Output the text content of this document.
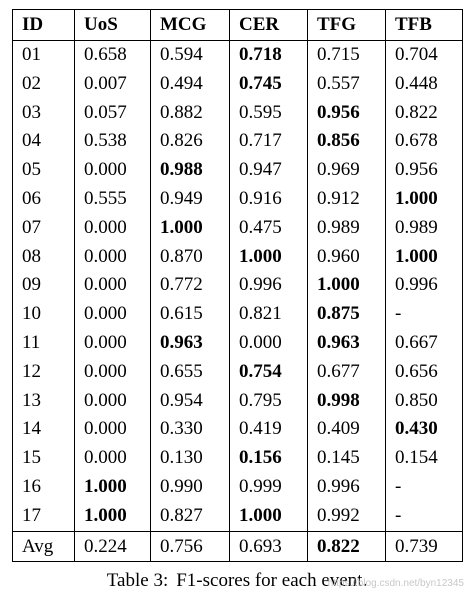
ID	UoS	MCG	CER	TFG	TFB
01	0.658	0.594	0.718	0.715	0.704
02	0.007	0.494	0.745	0.557	0.448
03	0.057	0.882	0.595	0.956	0.822
04	0.538	0.826	0.717	0.856	0.678
05	0.000	0.988	0.947	0.969	0.956
06	0.555	0.949	0.916	0.912	1.000
07	0.000	1.000	0.475	0.989	0.989
08	0.000	0.870	1.000	0.960	1.000
09	0.000	0.772	0.996	1.000	0.996
10	0.000	0.615	0.821	0.875	-
11	0.000	0.963	0.000	0.963	0.667
12	0.000	0.655	0.754	0.677	0.656
13	0.000	0.954	0.795	0.998	0.850
14	0.000	0.330	0.419	0.409	0.430
15	0.000	0.130	0.156	0.145	0.154
16	1.000	0.990	0.999	0.996	-
17	1.000	0.827	1.000	0.992	-
Avg	0.224	0.756	0.693	0.822	0.739
Table 3: F1-scores for each event.
https://blog.csdn.net/byn12345
